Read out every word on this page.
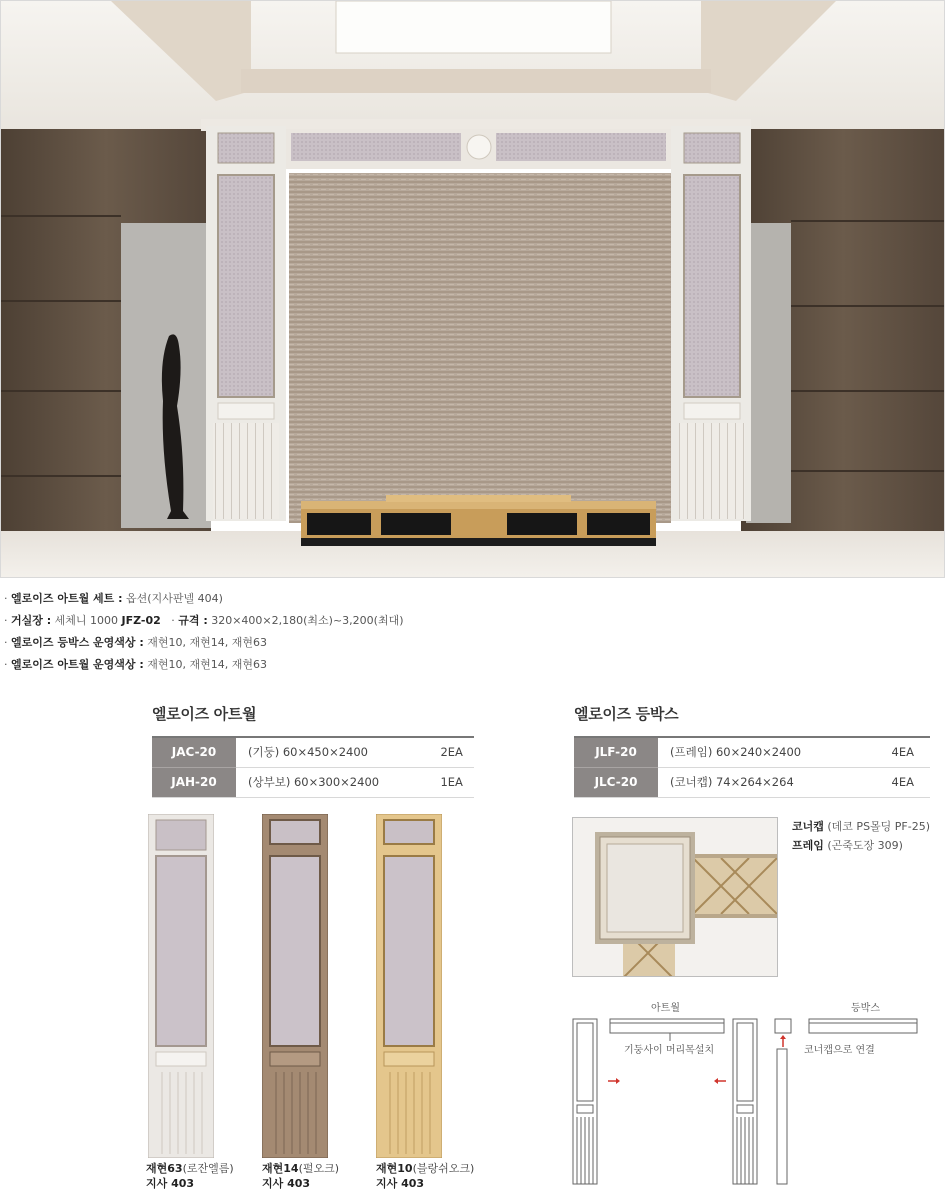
· 엘로이즈 아트월 세트 : 옵션(지사판넬 404)
· 거실장 : 세체니 1000 JFZ-02   · 규격 : 320×400×2,180(최소)~3,200(최대)
· 엘로이즈 등박스 운영색상 : 재현10, 재현14, 재현63
· 엘로이즈 아트월 운영색상 : 재현10, 재현14, 재현63
엘로이즈 아트월
JAC-20	(기둥) 60×450×2400	2EA
JAH-20	(상부보) 60×300×2400	1EA
재현63(로잔엘름)
지사 403
재현14(펄오크)
지사 403
재현10(블랑쉬오크)
지사 403
엘로이즈 등박스
JLF-20	(프레임) 60×240×2400	4EA
JLC-20	(코너캡) 74×264×264	4EA
코너캡 (데코 PS몰딩 PF-25)
프레임 (곤죽도장 309)
아트월	등박스
기둥사이 머리목설치	코너캡으로 연결
